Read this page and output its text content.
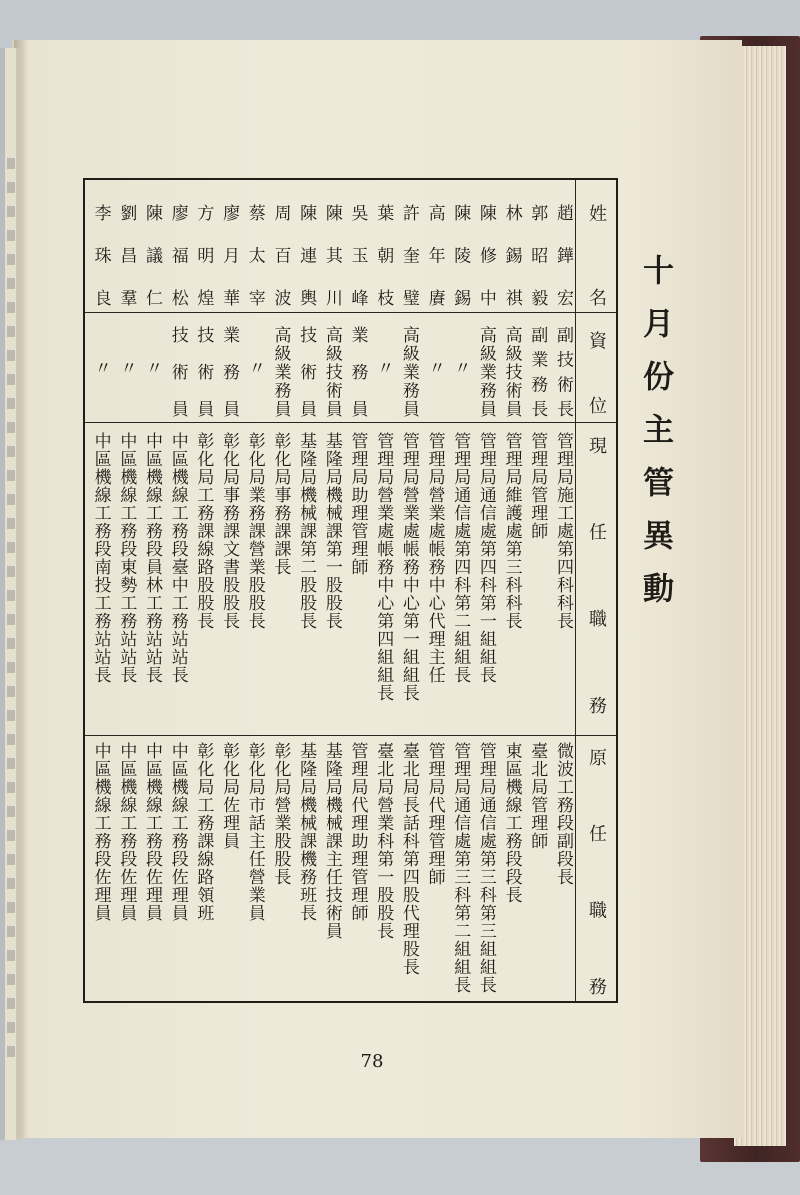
十月份主管異動
姓名
資位
現任職務
原任職務
趙鏵宏
副技術長
管理局施工處第四科科長
微波工務段副段長
郭昭毅
副業務長
管理局管理師
臺北局管理師
林錫祺
高級技術員
管理局維護處第三科科長
東區機線工務段段長
陳修中
高級業務員
管理局通信處第四科第一組組長
管理局通信處第三科第三組組長
陳陵錫
〃
管理局通信處第四科第二組組長
管理局通信處第三科第二組組長
高年賡
〃
管理局營業處帳務中心代理主任
管理局代理管理師
許奎璧
高級業務員
管理局營業處帳務中心第一組組長
臺北局長話科第四股代理股長
葉朝枝
〃
管理局營業處帳務中心第四組組長
臺北局營業科第一股股長
吳玉峰
業務員
管理局助理管理師
管理局代理助理管理師
陳其川
高級技術員
基隆局機械課第一股股長
基隆局機械課主任技術員
陳連輿
技術員
基隆局機械課第二股股長
基隆局機械課機務班長
周百波
高級業務員
彰化局事務課課長
彰化局營業股股長
蔡太宰
〃
彰化局業務課營業股股長
彰化局市話主任營業員
廖月華
業務員
彰化局事務課文書股股長
彰化局佐理員
方明煌
技術員
彰化局工務課線路股股長
彰化局工務課線路領班
廖福松
技術員
中區機線工務段臺中工務站站長
中區機線工務段佐理員
陳議仁
〃
中區機線工務段員林工務站站長
中區機線工務段佐理員
劉昌羣
〃
中區機線工務段東勢工務站站長
中區機線工務段佐理員
李珠良
〃
中區機線工務段南投工務站站長
中區機線工務段佐理員
78
